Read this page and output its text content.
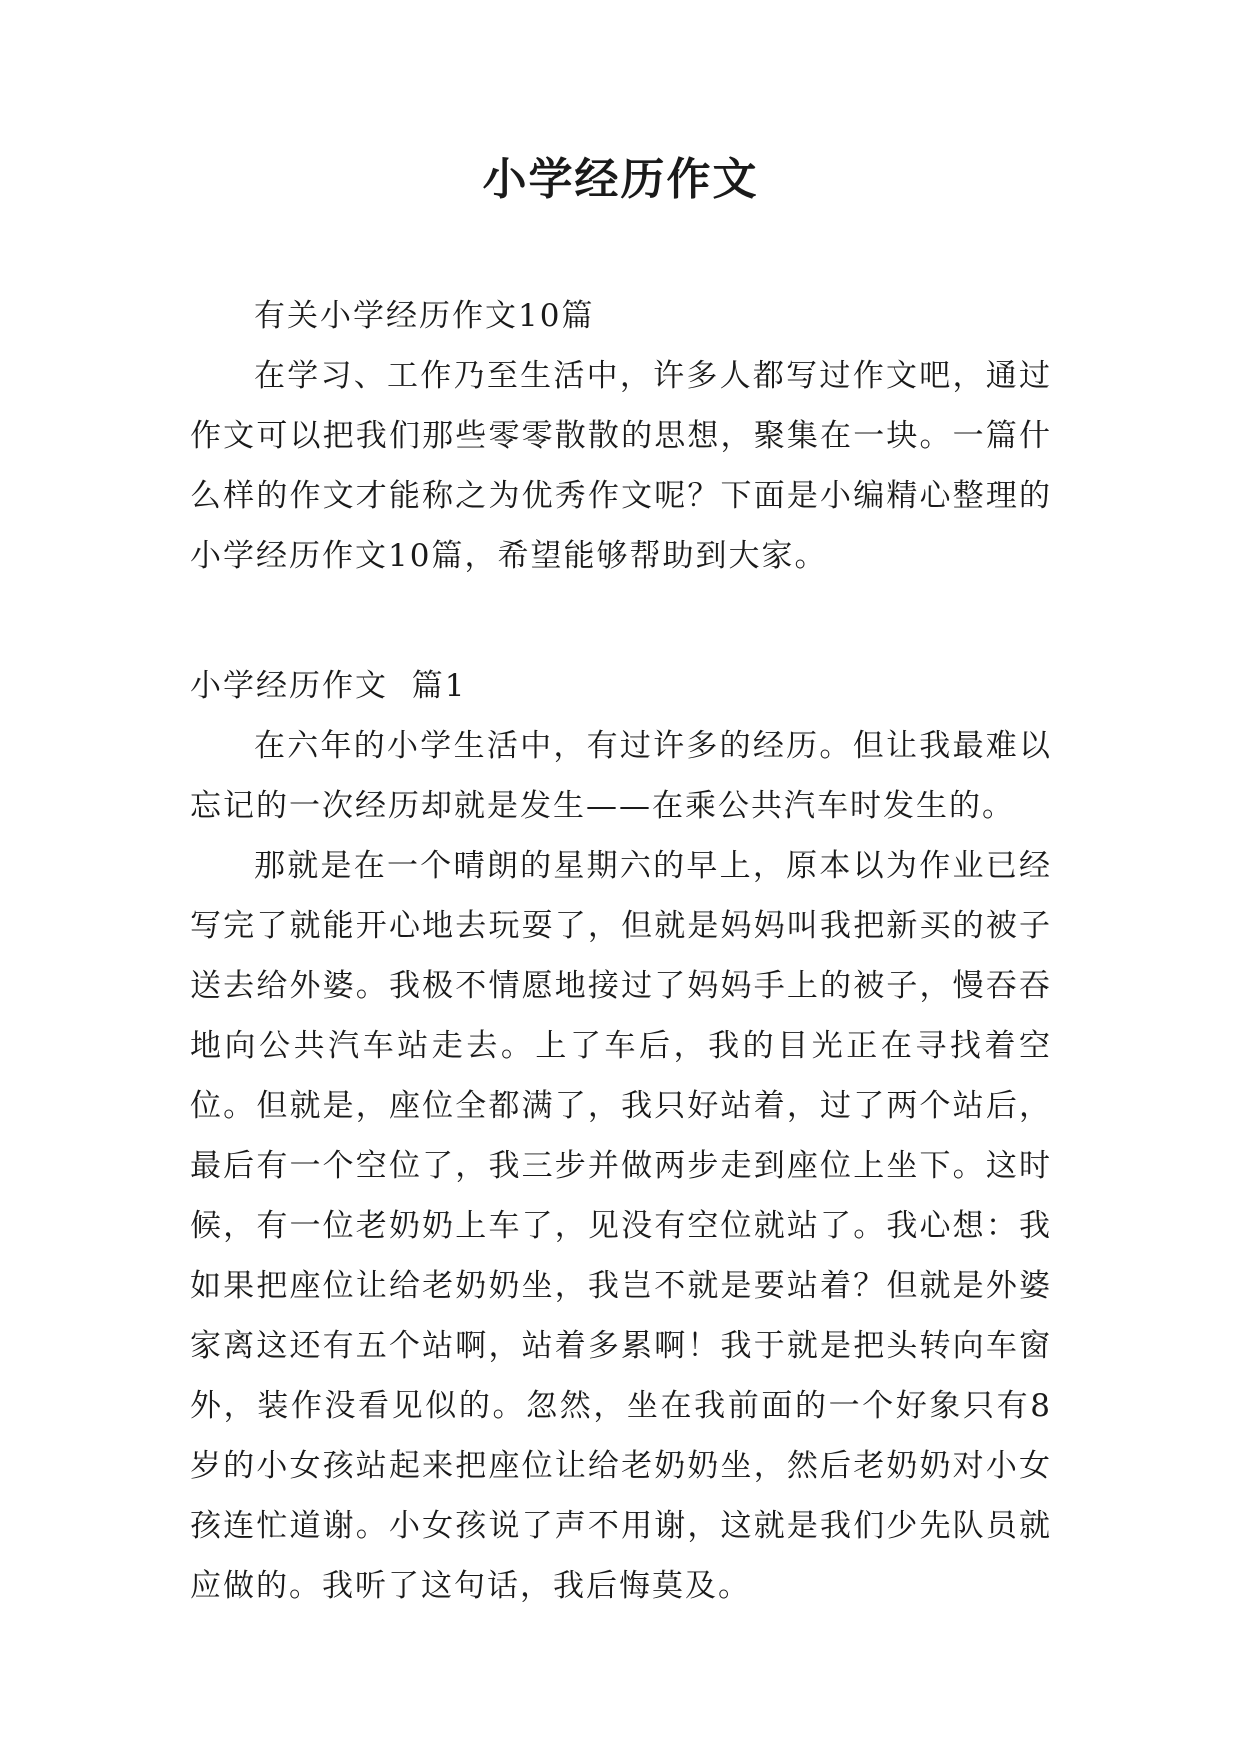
小学经历作文

有关小学经历作文10篇

在学习、工作乃至生活中，许多人都写过作文吧，通过作文可以把我们那些零零散散的思想，聚集在一块。一篇什么样的作文才能称之为优秀作文呢？下面是小编精心整理的小学经历作文10篇，希望能够帮助到大家。

小学经历作文  篇1

在六年的小学生活中，有过许多的经历。但让我最难以忘记的一次经历却就是发生——在乘公共汽车时发生的。

那就是在一个晴朗的星期六的早上，原本以为作业已经写完了就能开心地去玩耍了，但就是妈妈叫我把新买的被子送去给外婆。我极不情愿地接过了妈妈手上的被子，慢吞吞地向公共汽车站走去。上了车后，我的目光正在寻找着空位。但就是，座位全都满了，我只好站着，过了两个站后，最后有一个空位了，我三步并做两步走到座位上坐下。这时候，有一位老奶奶上车了，见没有空位就站了。我心想：我如果把座位让给老奶奶坐，我岂不就是要站着？但就是外婆家离这还有五个站啊，站着多累啊！我于就是把头转向车窗外，装作没看见似的。忽然，坐在我前面的一个好象只有8岁的小女孩站起来把座位让给老奶奶坐，然后老奶奶对小女孩连忙道谢。小女孩说了声不用谢，这就是我们少先队员就应做的。我听了这句话，我后悔莫及。
